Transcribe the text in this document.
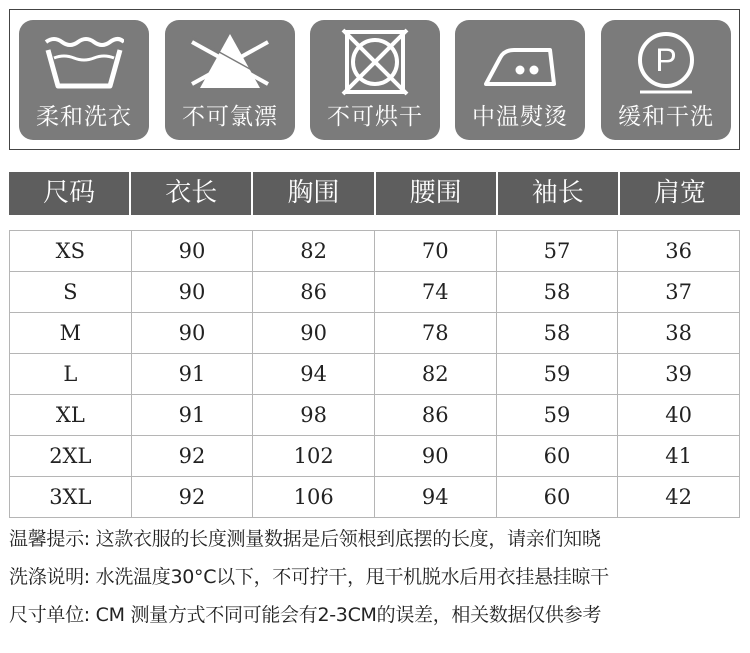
柔和洗衣	不可氯漂	不可烘干	中温熨烫
P
缓和干洗
尺码	衣长	胸围	腰围	袖长	肩宽
XS	90	82	70	57	36
S	90	86	74	58	37
M	90	90	78	58	38
L	91	94	82	59	39
XL	91	98	86	59	40
2XL	92	102	90	60	41
3XL	92	106	94	60	42
温馨提示: 这款衣服的长度测量数据是后领根到底摆的长度，请亲们知晓
洗涤说明: 水洗温度30°C以下，不可拧干，甩干机脱水后用衣挂悬挂晾干
尺寸单位: CM 测量方式不同可能会有2-3CM的误差，相关数据仅供参考
